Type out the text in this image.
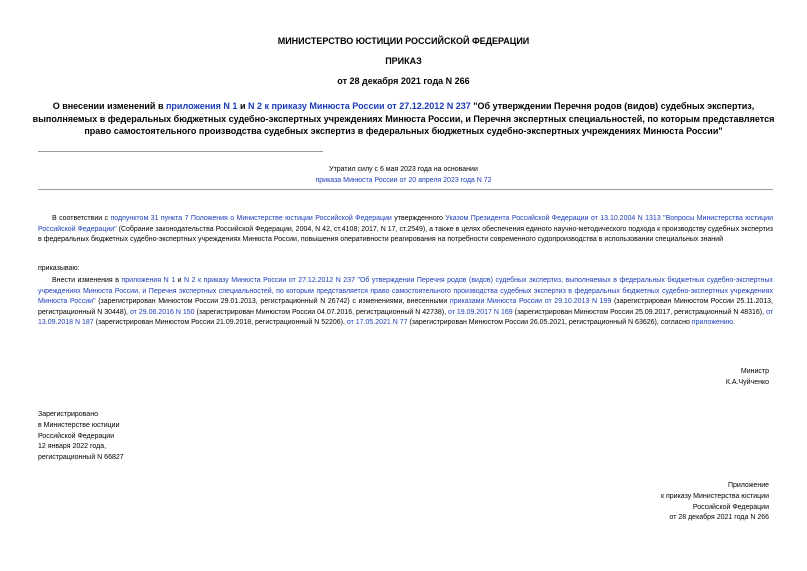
МИНИСТЕРСТВО ЮСТИЦИИ РОССИЙСКОЙ ФЕДЕРАЦИИ
ПРИКАЗ
от 28 декабря 2021 года N 266
О внесении изменений в приложения N 1 и N 2 к приказу Минюста России от 27.12.2012 N 237 "Об утверждении Перечня родов (видов) судебных экспертиз,
выполняемых в федеральных бюджетных судебно-экспертных учреждениях Минюста России, и Перечня экспертных специальностей, по которым представляется
право самостоятельного производства судебных экспертиз в федеральных бюджетных судебно-экспертных учреждениях Минюста России"
Утратил силу с 6 мая 2023 года на основании
приказа Минюста России от 20 апреля 2023 года N 72
В соответствии с подпунктом 31 пункта 7 Положения о Министерстве юстиции Российской Федерации утвержденного Указом Президента Российской Федерации от 13.10.2004 N 1313 "Вопросы Министерства юстиции Российской Федерации" (Собрание законодательства Российской Федерации, 2004, N 42, ст.4108; 2017, N 17, ст.2549), а также в целях обеспечения единого научно-методического подхода к производству судебных экспертиз в федеральных бюджетных судебно-экспертных учреждениях Минюста России, повышения оперативности реагирования на потребности современного судопроизводства в использовании специальных знаний
приказываю:
Внести изменения в приложения N 1 и N 2 к приказу Минюста России от 27.12.2012 N 237 "Об утверждении Перечня родов (видов) судебных экспертиз, выполняемых в федеральных бюджетных судебно-экспертных учреждениях Минюста России, и Перечня экспертных специальностей, по которым представляется право самостоятельного производства судебных экспертиз в федеральных бюджетных судебно-экспертных учреждениях Минюста России" (зарегистрирован Минюстом России 29.01.2013, регистрационный N 26742) с изменениями, внесенными приказами Минюста России от 29.10.2013 N 199 (зарегистрирован Минюстом России 25.11.2013, регистрационный N 30448), от 29.06.2016 N 150 (зарегистрирован Минюстом России 04.07.2016, регистрационный N 42738), от 19.09.2017 N 169 (зарегистрирован Минюстом России 25.09.2017, регистрационный N 48316), от 13.09.2018 N 187 (зарегистрирован Минюстом России 21.09.2018, регистрационный N 52206), от 17.05.2021 N 77 (зарегистрирован Минюстом России 26.05.2021, регистрационный N 63626), согласно приложению.
Министр
К.А.Чуйченко
Зарегистрировано
в Министерстве юстиции
Российской Федерации
12 января 2022 года,
регистрационный N 66827
Приложение
к приказу Министерства юстиции
Российской Федерации
от 28 декабря 2021 года N 266
